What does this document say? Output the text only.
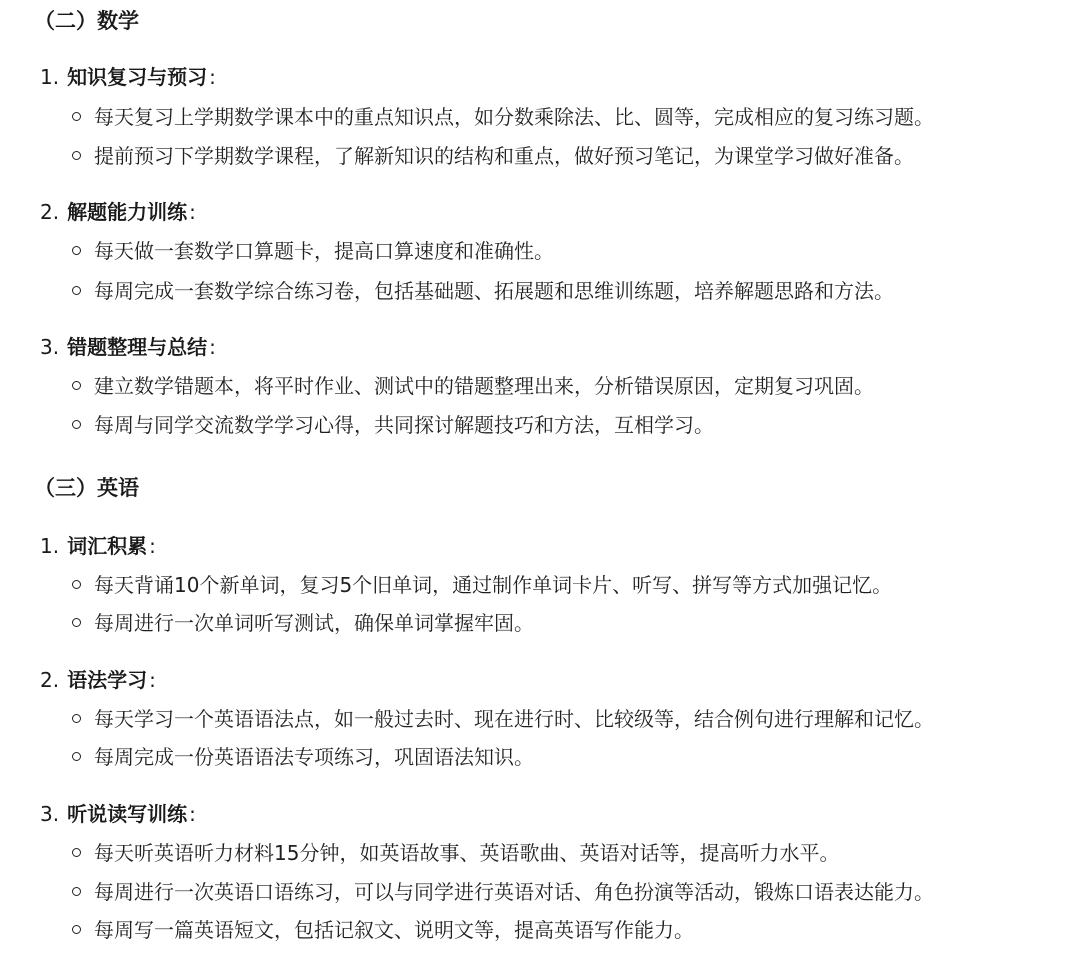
（二）数学
1. 知识复习与预习 :
每天复习上学期数学课本中的重点知识点，如分数乘除法、比、圆等，完成相应的复习练习题。
提前预习下学期数学课程，了解新知识的结构和重点，做好预习笔记，为课堂学习做好准备。
2. 解题能力训练 :
每天做一套数学口算题卡，提高口算速度和准确性。
每周完成一套数学综合练习卷，包括基础题、拓展题和思维训练题，培养解题思路和方法。
3. 错题整理与总结 :
建立数学错题本，将平时作业、测试中的错题整理出来，分析错误原因，定期复习巩固。
每周与同学交流数学学习心得，共同探讨解题技巧和方法，互相学习。
（三）英语
1. 词汇积累 :
每天背诵10个新单词，复习5个旧单词，通过制作单词卡片、听写、拼写等方式加强记忆。
每周进行一次单词听写测试，确保单词掌握牢固。
2. 语法学习 :
每天学习一个英语语法点，如一般过去时、现在进行时、比较级等，结合例句进行理解和记忆。
每周完成一份英语语法专项练习，巩固语法知识。
3. 听说读写训练 :
每天听英语听力材料15分钟，如英语故事、英语歌曲、英语对话等，提高听力水平。
每周进行一次英语口语练习，可以与同学进行英语对话、角色扮演等活动，锻炼口语表达能力。
每周写一篇英语短文，包括记叙文、说明文等，提高英语写作能力。
